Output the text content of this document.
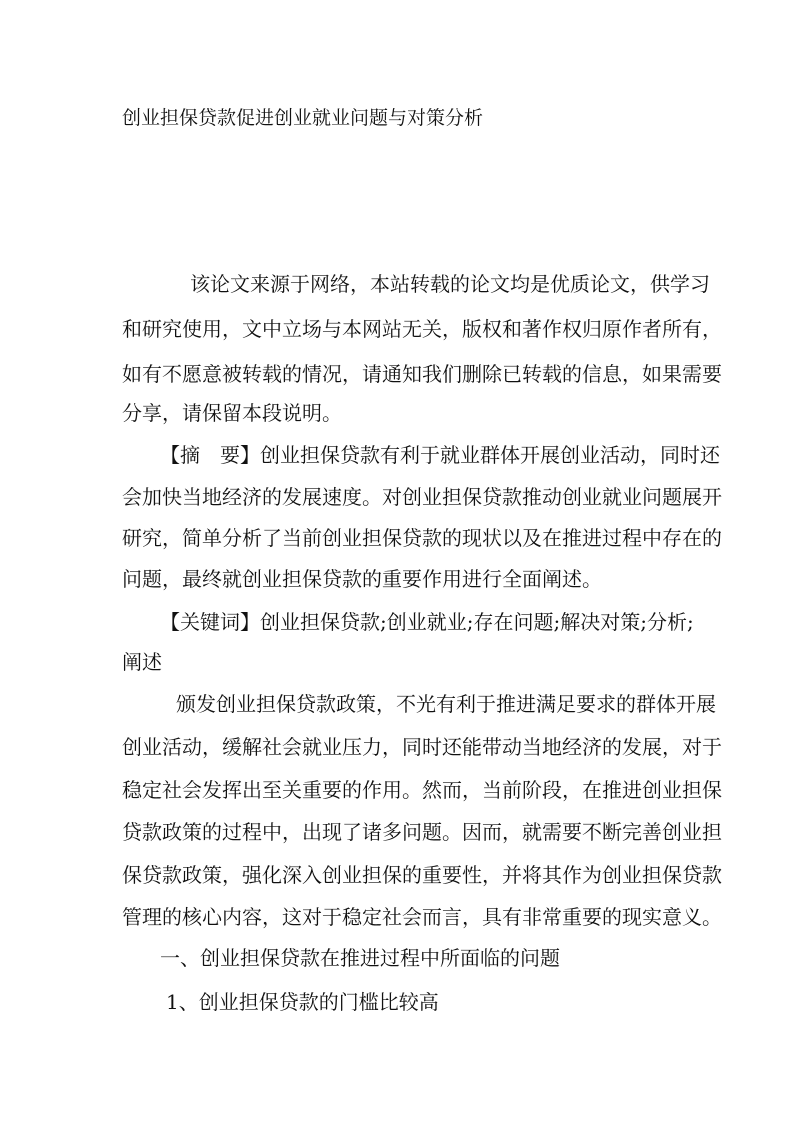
创业担保贷款促进创业就业问题与对策分析

该论文来源于网络，本站转载的论文均是优质论文，供学习

和研究使用，文中立场与本网站无关，版权和著作权归原作者所有，

如有不愿意被转载的情况，请通知我们删除已转载的信息，如果需要

分享，请保留本段说明。

【摘　要】创业担保贷款有利于就业群体开展创业活动，同时还

会加快当地经济的发展速度。对创业担保贷款推动创业就业问题展开

研究，简单分析了当前创业担保贷款的现状以及在推进过程中存在的

问题，最终就创业担保贷款的重要作用进行全面阐述。

【关键词】创业担保贷款;创业就业;存在问题;解决对策;分析;

阐述

颁发创业担保贷款政策，不光有利于推进满足要求的群体开展

创业活动，缓解社会就业压力，同时还能带动当地经济的发展，对于

稳定社会发挥出至关重要的作用。然而，当前阶段，在推进创业担保

贷款政策的过程中，出现了诸多问题。因而，就需要不断完善创业担

保贷款政策，强化深入创业担保的重要性，并将其作为创业担保贷款

管理的核心内容，这对于稳定社会而言，具有非常重要的现实意义。

一、创业担保贷款在推进过程中所面临的问题

1、创业担保贷款的门槛比较高
